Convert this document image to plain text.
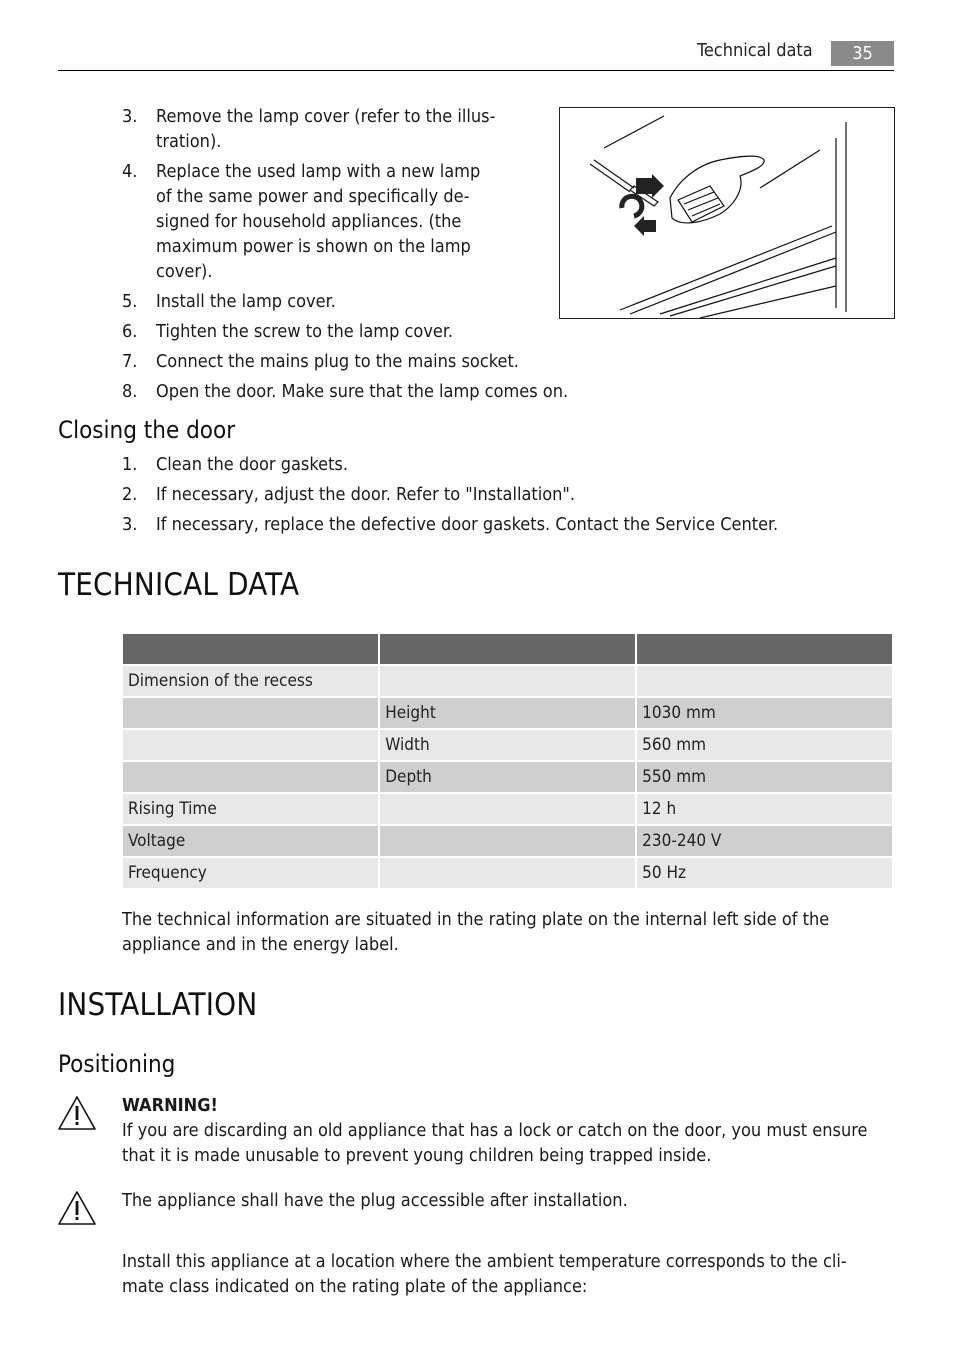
Technical data	35
3. Remove the lamp cover (refer to the illus-
tration).
4. Replace the used lamp with a new lamp
of the same power and specifically de-
signed for household appliances. (the
maximum power is shown on the lamp
cover).
5. Install the lamp cover.
6. Tighten the screw to the lamp cover.
7. Connect the mains plug to the mains socket.
8. Open the door. Make sure that the lamp comes on.
Closing the door
1. Clean the door gaskets.
2. If necessary, adjust the door. Refer to "Installation".
3. If necessary, replace the defective door gaskets. Contact the Service Center.
TECHNICAL DATA

Dimension of the recess		
	Height	1030 mm
	Width	560 mm
	Depth	550 mm
Rising Time		12 h
Voltage		230-240 V
Frequency		50 Hz

The technical information are situated in the rating plate on the internal left side of the appliance and in the energy label.

INSTALLATION
Positioning
WARNING!
If you are discarding an old appliance that has a lock or catch on the door, you must ensure that it is made unusable to prevent young children being trapped inside.

The appliance shall have the plug accessible after installation.

Install this appliance at a location where the ambient temperature corresponds to the cli-
mate class indicated on the rating plate of the appliance:
